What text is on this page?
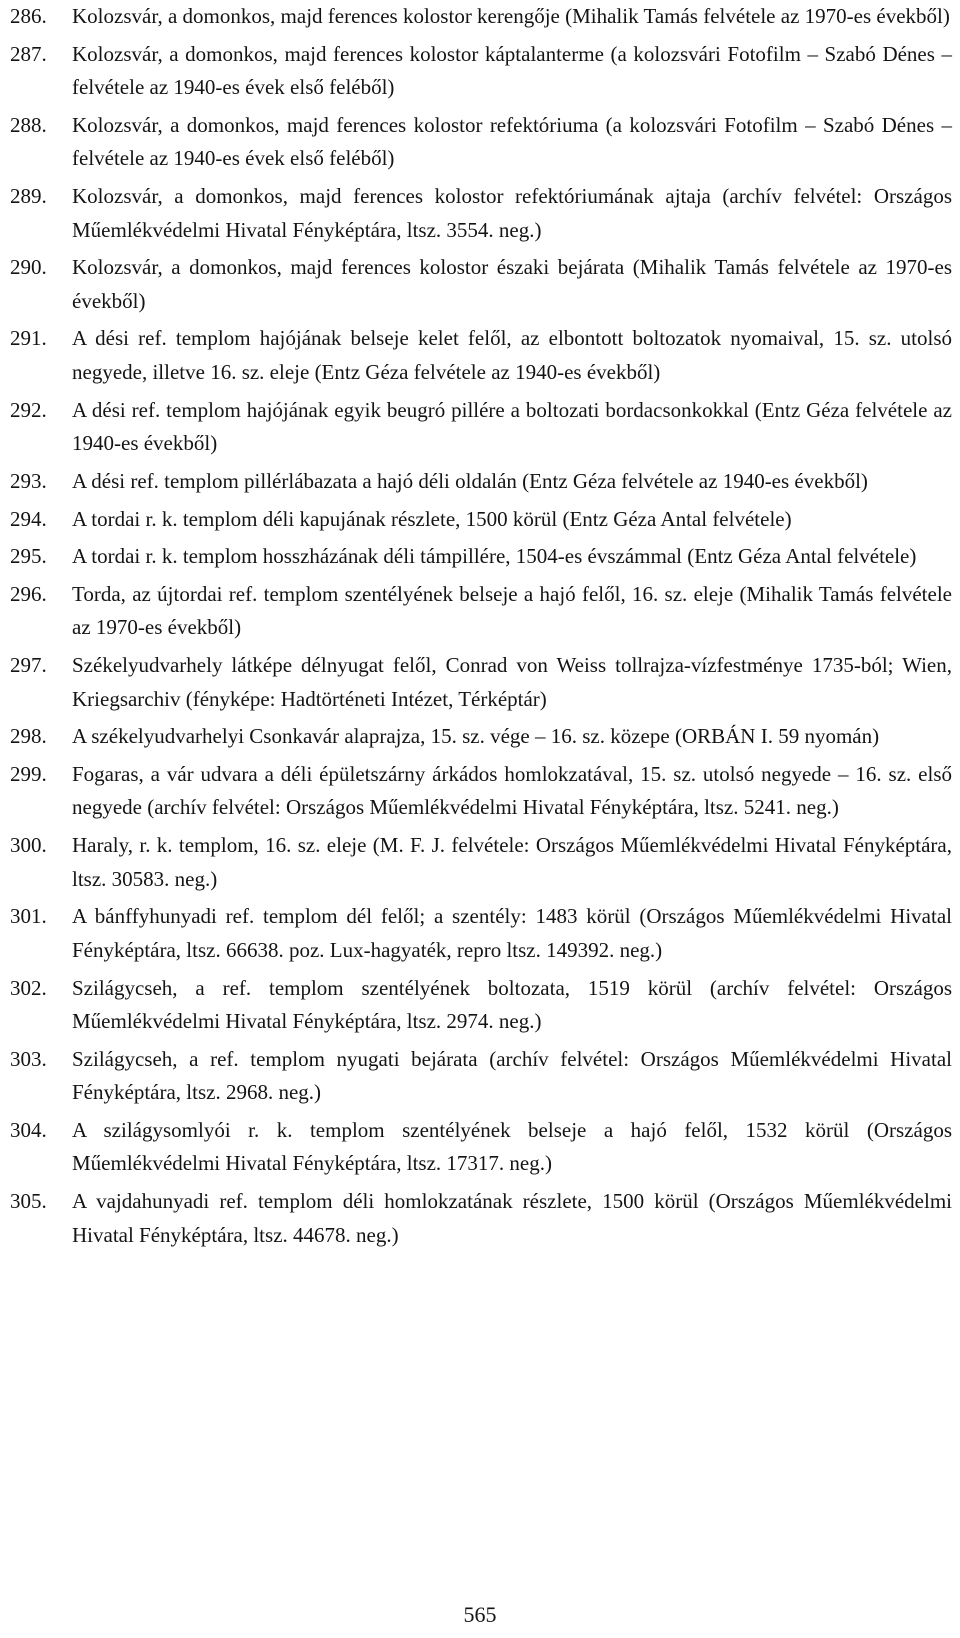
286. Kolozsvár, a domonkos, majd ferences kolostor kerengője (Mihalik Tamás felvétele az 1970-es évekből)
287. Kolozsvár, a domonkos, majd ferences kolostor káptalanterme (a kolozsvári Fotofilm – Szabó Dénes – felvétele az 1940-es évek első feléből)
288. Kolozsvár, a domonkos, majd ferences kolostor refektóriuma (a kolozsvári Fotofilm – Szabó Dénes – felvétele az 1940-es évek első feléből)
289. Kolozsvár, a domonkos, majd ferences kolostor refektóriumának ajtaja (archív felvétel: Országos Műemlékvédelmi Hivatal Fényképtára, ltsz. 3554. neg.)
290. Kolozsvár, a domonkos, majd ferences kolostor északi bejárata (Mihalik Tamás felvétele az 1970-es évekből)
291. A dési ref. templom hajójának belseje kelet felől, az elbontott boltozatok nyomaival, 15. sz. utolsó negyede, illetve 16. sz. eleje (Entz Géza felvétele az 1940-es évekből)
292. A dési ref. templom hajójának egyik beugró pillére a boltozati bordacsonkokkal (Entz Géza felvétele az 1940-es évekből)
293. A dési ref. templom pillérlábazata a hajó déli oldalán (Entz Géza felvétele az 1940-es évekből)
294. A tordai r. k. templom déli kapujának részlete, 1500 körül (Entz Géza Antal felvétele)
295. A tordai r. k. templom hosszházának déli támpillére, 1504-es évszámmal (Entz Géza Antal felvétele)
296. Torda, az újtordai ref. templom szentélyének belseje a hajó felől, 16. sz. eleje (Mihalik Tamás felvétele az 1970-es évekből)
297. Székelyudvarhely látképe délnyugat felől, Conrad von Weiss tollrajza-vízfestménye 1735-ból; Wien, Kriegsarchiv (fényképe: Hadtörténeti Intézet, Térképtár)
298. A székelyudvarhelyi Csonkavár alaprajza, 15. sz. vége – 16. sz. közepe (ORBÁN I. 59 nyomán)
299. Fogaras, a vár udvara a déli épületszárny árkádos homlokzatával, 15. sz. utolsó negyede – 16. sz. első negyede (archív felvétel: Országos Műemlékvédelmi Hivatal Fényképtára, ltsz. 5241. neg.)
300. Haraly, r. k. templom, 16. sz. eleje (M. F. J. felvétele: Országos Műemlékvédelmi Hivatal Fényképtára, ltsz. 30583. neg.)
301. A bánffyhunyadi ref. templom dél felől; a szentély: 1483 körül (Országos Műemlékvédelmi Hivatal Fényképtára, ltsz. 66638. poz. Lux-hagyaték, repro ltsz. 149392. neg.)
302. Szilágycseh, a ref. templom szentélyének boltozata, 1519 körül (archív felvétel: Országos Műemlékvédelmi Hivatal Fényképtára, ltsz. 2974. neg.)
303. Szilágycseh, a ref. templom nyugati bejárata (archív felvétel: Országos Műemlékvédelmi Hivatal Fényképtára, ltsz. 2968. neg.)
304. A szilágysomlyói r. k. templom szentélyének belseje a hajó felől, 1532 körül (Országos Műemlékvédelmi Hivatal Fényképtára, ltsz. 17317. neg.)
305. A vajdahunyadi ref. templom déli homlokzatának részlete, 1500 körül (Országos Műemlékvédelmi Hivatal Fényképtára, ltsz. 44678. neg.)
565
